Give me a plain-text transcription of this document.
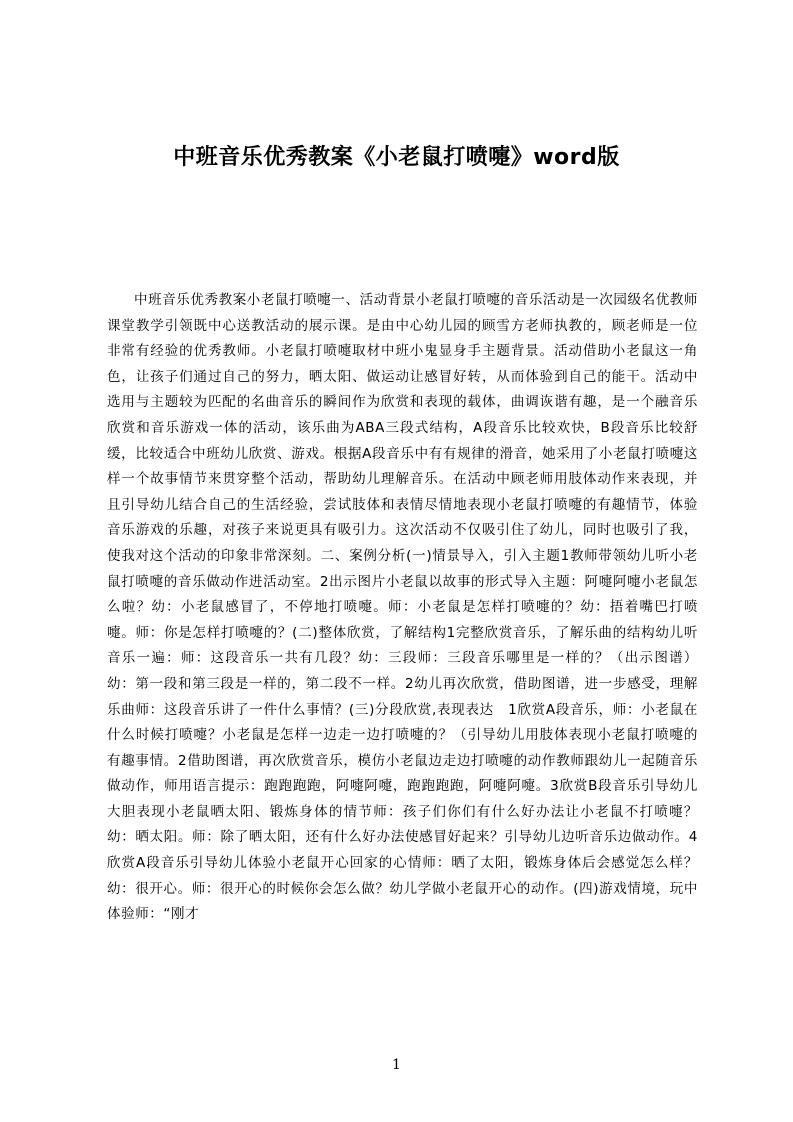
中班音乐优秀教案《小老鼠打喷嚏》word版

中班音乐优秀教案小老鼠打喷嚏一、活动背景小老鼠打喷嚏的音乐活动是一次园级名优教师课堂教学引领既中心送教活动的展示课。是由中心幼儿园的顾雪方老师执教的，顾老师是一位非常有经验的优秀教师。小老鼠打喷嚏取材中班小鬼显身手主题背景。活动借助小老鼠这一角色，让孩子们通过自己的努力，晒太阳、做运动让感冒好转，从而体验到自己的能干。活动中选用与主题较为匹配的名曲音乐的瞬间作为欣赏和表现的载体，曲调诙谐有趣，是一个融音乐欣赏和音乐游戏一体的活动，该乐曲为ABA三段式结构，A段音乐比较欢快，B段音乐比较舒缓，比较适合中班幼儿欣赏、游戏。根据A段音乐中有有规律的滑音，她采用了小老鼠打喷嚏这样一个故事情节来贯穿整个活动，帮助幼儿理解音乐。在活动中顾老师用肢体动作来表现，并且引导幼儿结合自己的生活经验，尝试肢体和表情尽情地表现小老鼠打喷嚏的有趣情节，体验音乐游戏的乐趣，对孩子来说更具有吸引力。这次活动不仅吸引住了幼儿，同时也吸引了我，使我对这个活动的印象非常深刻。二、案例分析(一)情景导入，引入主题1教师带领幼儿听小老鼠打喷嚏的音乐做动作进活动室。2出示图片小老鼠以故事的形式导入主题：阿嚏阿嚏小老鼠怎么啦？幼：小老鼠感冒了，不停地打喷嚏。师：小老鼠是怎样打喷嚏的？幼：捂着嘴巴打喷嚏。师：你是怎样打喷嚏的？(二)整体欣赏，了解结构1完整欣赏音乐，了解乐曲的结构幼儿听音乐一遍：师：这段音乐一共有几段？幼：三段师：三段音乐哪里是一样的？（出示图谱）幼：第一段和第三段是一样的，第二段不一样。2幼儿再次欣赏，借助图谱，进一步感受，理解乐曲师：这段音乐讲了一件什么事情？(三)分段欣赏,表现表达　1欣赏A段音乐，师：小老鼠在什么时候打喷嚏？小老鼠是怎样一边走一边打喷嚏的？（引导幼儿用肢体表现小老鼠打喷嚏的有趣事情。2借助图谱，再次欣赏音乐，模仿小老鼠边走边打喷嚏的动作教师跟幼儿一起随音乐做动作，师用语言提示：跑跑跑跑，阿嚏阿嚏，跑跑跑跑，阿嚏阿嚏。3欣赏B段音乐引导幼儿大胆表现小老鼠晒太阳、锻炼身体的情节师：孩子们你们有什么好办法让小老鼠不打喷嚏？幼：晒太阳。师：除了晒太阳，还有什么好办法使感冒好起来？引导幼儿边听音乐边做动作。4欣赏A段音乐引导幼儿体验小老鼠开心回家的心情师：晒了太阳，锻炼身体后会感觉怎么样？幼：很开心。师：很开心的时候你会怎么做？幼儿学做小老鼠开心的动作。(四)游戏情境，玩中体验师：“刚才

1
